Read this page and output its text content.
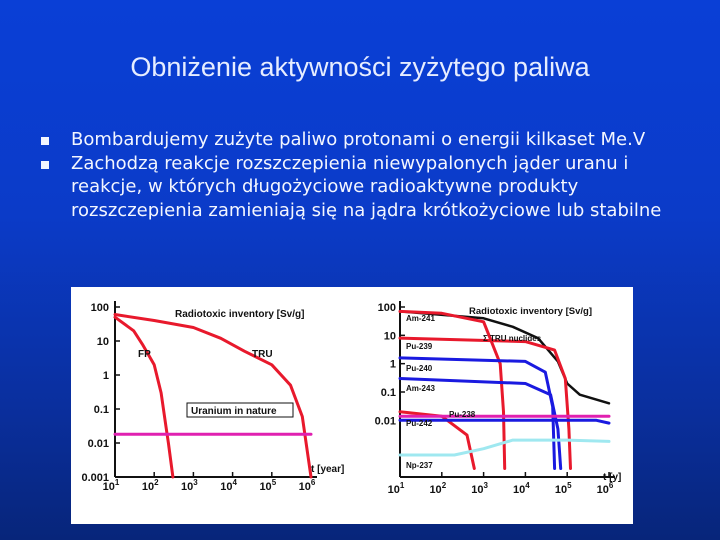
Obniżenie aktywności zyżytego paliwa
Bombardujemy zużyte paliwo protonami o energii kilkaset Me.V
Zachodzą reakcje rozszczepienia niewypalonych jąder uranu i reakcje, w których długożyciowe radioaktywne produkty rozszczepienia zamieniają się na jądra krótkożyciowe lub stabilne
100
10
1
0.1
0.01
0.001
$10^1$ $10^2$ $10^3$ $10^4$ $10^5$ $10^6$
Radiotoxic inventory [Sv/g]
t [year]
FP	TRU
Uranium in nature
100
10
1
0.1
0.01
$10^1$ $10^2$ $10^3$ $10^4$ $10^5$ $10^6$
Radiotoxic inventory [Sv/g]
t [y]
Σ TRU nuclides
Am-241
Pu-239
Pu-240
Am-243
Pu-238
Pu-242
Np-237
